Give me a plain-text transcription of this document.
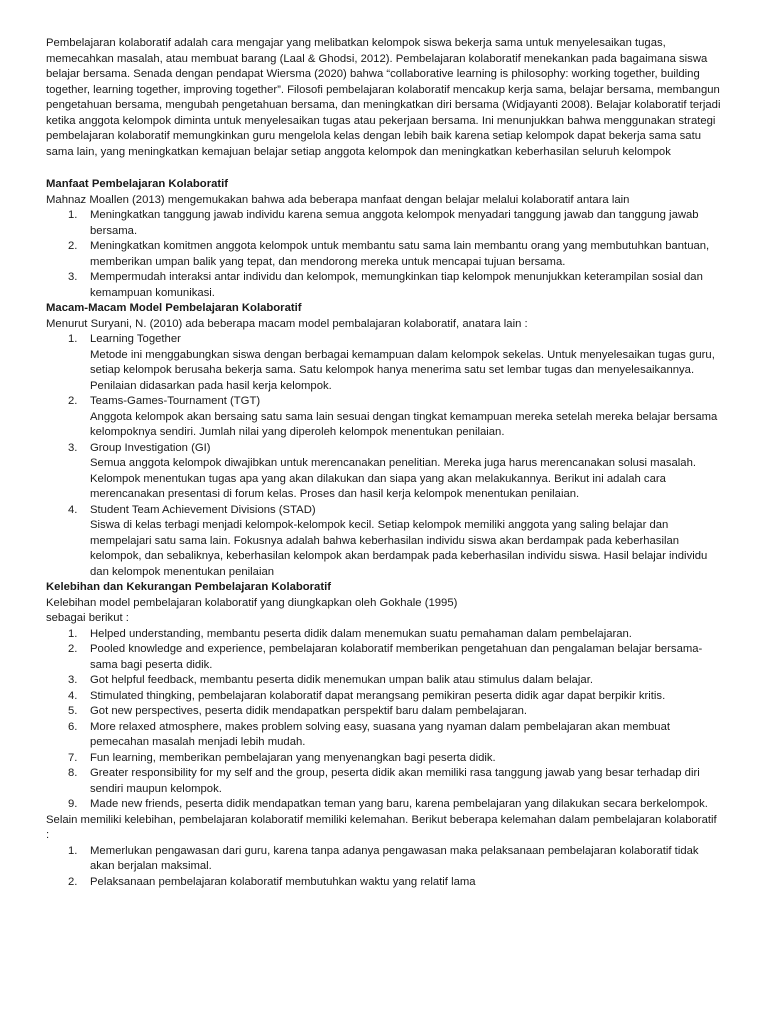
Pembelajaran kolaboratif adalah cara mengajar yang melibatkan kelompok siswa bekerja sama untuk menyelesaikan tugas, memecahkan masalah, atau membuat barang (Laal & Ghodsi, 2012). Pembelajaran kolaboratif menekankan pada bagaimana siswa belajar bersama. Senada dengan pendapat Wiersma (2020) bahwa “collaborative learning is philosophy: working together, building together, learning together, improving together”. Filosofi pembelajaran kolaboratif mencakup kerja sama, belajar bersama, membangun pengetahuan bersama, mengubah pengetahuan bersama, dan meningkatkan diri bersama (Widjayanti 2008). Belajar kolaboratif terjadi ketika anggota kelompok diminta untuk menyelesaikan tugas atau pekerjaan bersama. Ini menunjukkan bahwa menggunakan strategi pembelajaran kolaboratif memungkinkan guru mengelola kelas dengan lebih baik karena setiap kelompok dapat bekerja sama satu sama lain, yang meningkatkan kemajuan belajar setiap anggota kelompok dan meningkatkan keberhasilan seluruh kelompok

Manfaat Pembelajaran Kolaboratif

Mahnaz Moallen (2013) mengemukakan bahwa ada beberapa manfaat dengan belajar melalui kolaboratif antara lain

1. Meningkatkan tanggung jawab individu karena semua anggota kelompok menyadari tanggung jawab dan tanggung jawab bersama.
2. Meningkatkan komitmen anggota kelompok untuk membantu satu sama lain membantu orang yang membutuhkan bantuan, memberikan umpan balik yang tepat, dan mendorong mereka untuk mencapai tujuan bersama.
3. Mempermudah interaksi antar individu dan kelompok, memungkinkan tiap kelompok menunjukkan keterampilan sosial dan kemampuan komunikasi.

Macam-Macam Model Pembelajaran Kolaboratif

Menurut Suryani, N. (2010) ada beberapa macam model pembalajaran kolaboratif, anatara lain :

1. Learning Together
Metode ini menggabungkan siswa dengan berbagai kemampuan dalam kelompok sekelas. Untuk menyelesaikan tugas guru, setiap kelompok berusaha bekerja sama. Satu kelompok hanya menerima satu set lembar tugas dan menyelesaikannya. Penilaian didasarkan pada hasil kerja kelompok.
2. Teams-Games-Tournament (TGT)
Anggota kelompok akan bersaing satu sama lain sesuai dengan tingkat kemampuan mereka setelah mereka belajar bersama kelompoknya sendiri. Jumlah nilai yang diperoleh kelompok menentukan penilaian.
3. Group Investigation (GI)
Semua anggota kelompok diwajibkan untuk merencanakan penelitian. Mereka juga harus merencanakan solusi masalah. Kelompok menentukan tugas apa yang akan dilakukan dan siapa yang akan melakukannya. Berikut ini adalah cara merencanakan presentasi di forum kelas. Proses dan hasil kerja kelompok menentukan penilaian.
4. Student Team Achievement Divisions (STAD)
Siswa di kelas terbagi menjadi kelompok-kelompok kecil. Setiap kelompok memiliki anggota yang saling belajar dan mempelajari satu sama lain. Fokusnya adalah bahwa keberhasilan individu siswa akan berdampak pada keberhasilan kelompok, dan sebaliknya, keberhasilan kelompok akan berdampak pada keberhasilan individu siswa. Hasil belajar individu dan kelompok menentukan penilaian

Kelebihan dan Kekurangan Pembelajaran Kolaboratif

Kelebihan model pembelajaran kolaboratif yang diungkapkan oleh Gokhale (1995)

sebagai berikut :

1. Helped understanding, membantu peserta didik dalam menemukan suatu pemahaman dalam pembelajaran.
2. Pooled knowledge and experience, pembelajaran kolaboratif memberikan pengetahuan dan pengalaman belajar bersama-sama bagi peserta didik.
3. Got helpful feedback, membantu peserta didik menemukan umpan balik atau stimulus dalam belajar.
4. Stimulated thingking, pembelajaran kolaboratif dapat merangsang pemikiran peserta didik agar dapat berpikir kritis.
5. Got new perspectives, peserta didik mendapatkan perspektif baru dalam pembelajaran.
6. More relaxed atmosphere, makes problem solving easy, suasana yang nyaman dalam pembelajaran akan membuat pemecahan masalah menjadi lebih mudah.
7. Fun learning, memberikan pembelajaran yang menyenangkan bagi peserta didik.
8. Greater responsibility for my self and the group, peserta didik akan memiliki rasa tanggung jawab yang besar terhadap diri sendiri maupun kelompok.
9. Made new friends, peserta didik mendapatkan teman yang baru, karena pembelajaran yang dilakukan secara berkelompok.

Selain memiliki kelebihan, pembelajaran kolaboratif memiliki kelemahan. Berikut beberapa kelemahan dalam pembelajaran kolaboratif :

1. Memerlukan pengawasan dari guru, karena tanpa adanya pengawasan maka pelaksanaan pembelajaran kolaboratif tidak akan berjalan maksimal.
2. Pelaksanaan pembelajaran kolaboratif membutuhkan waktu yang relatif lama
